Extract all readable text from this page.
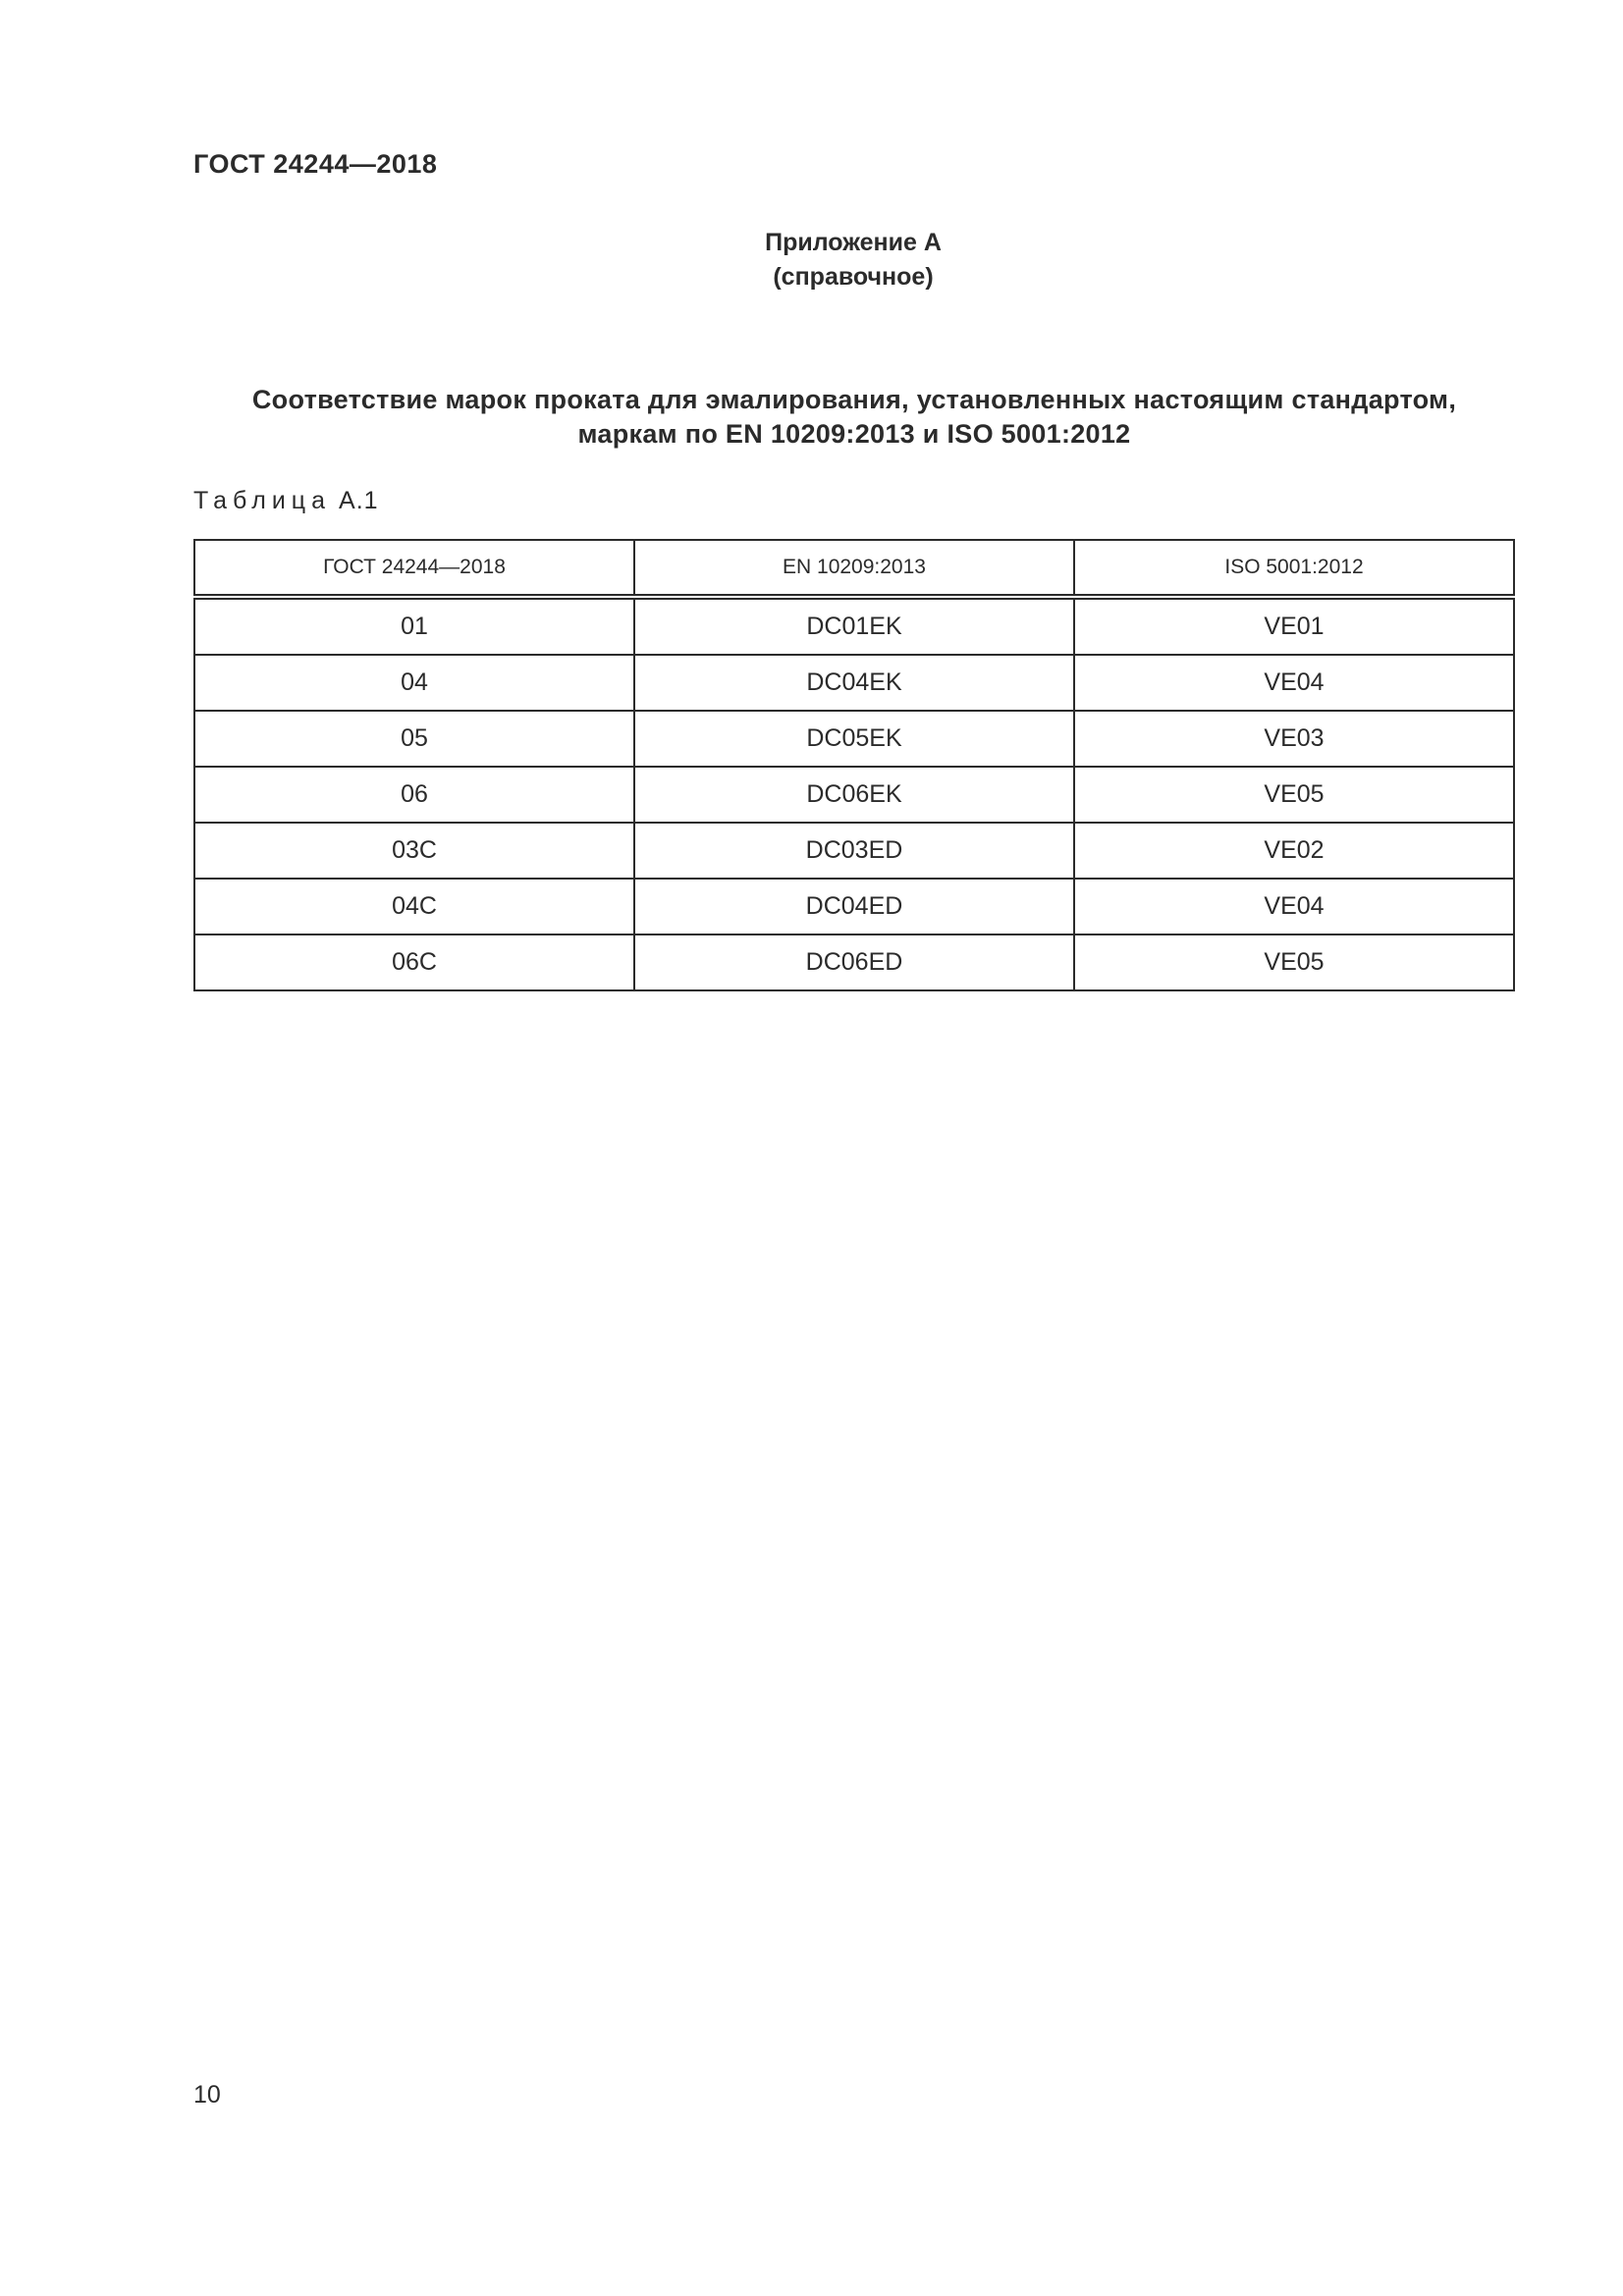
ГОСТ 24244—2018
Приложение А
(справочное)
Соответствие марок проката для эмалирования, установленных настоящим стандартом,
маркам по EN 10209:2013 и ISO 5001:2012
Таблица А.1
ГОСТ 24244—2018	EN 10209:2013	ISO 5001:2012
01	DC01EK	VE01
04	DC04EK	VE04
05	DC05EK	VE03
06	DC06EK	VE05
03С	DC03ED	VE02
04С	DC04ED	VE04
06С	DC06ED	VE05
10
